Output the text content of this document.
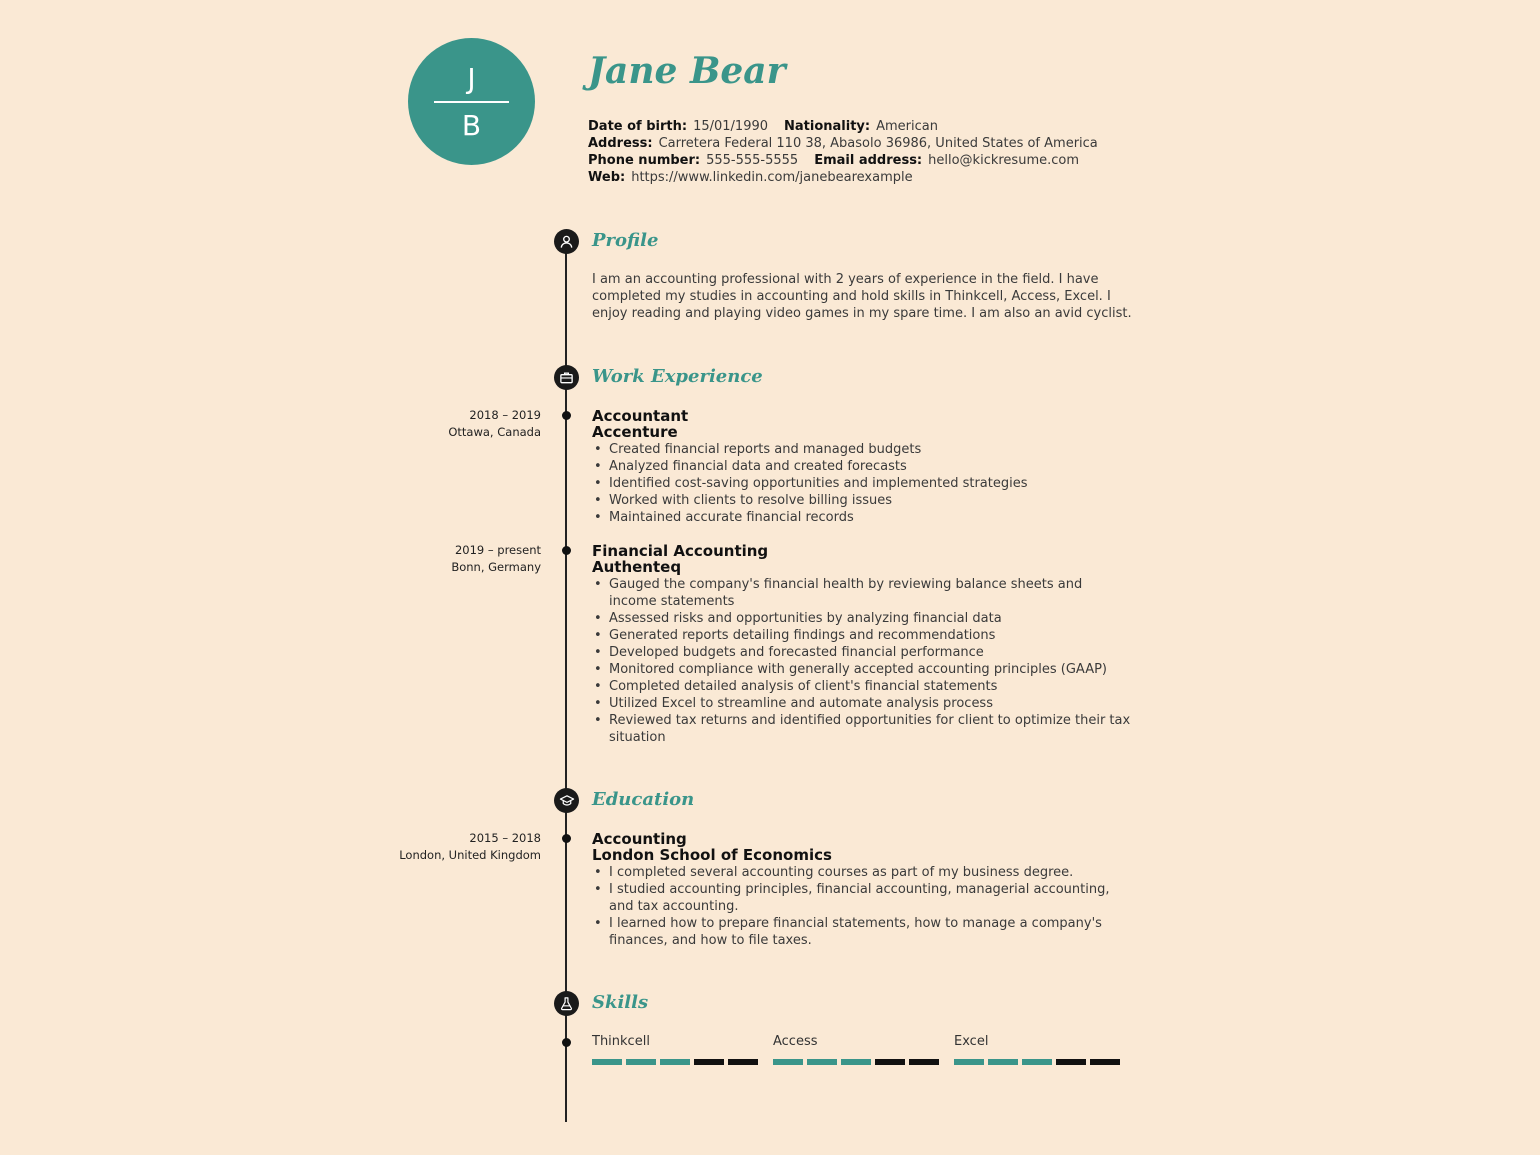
J
B
Jane Bear
Date of birth: 15/01/1990 Nationality: American
Address: Carretera Federal 110 38, Abasolo 36986, United States of America
Phone number: 555-555-5555 Email address: hello@kickresume.com
Web: https://www.linkedin.com/janebearexample
Profile
I am an accounting professional with 2 years of experience in the field. I have completed my studies in accounting and hold skills in Thinkcell, Access, Excel. I enjoy reading and playing video games in my spare time. I am also an avid cyclist.
Work Experience
2018 – 2019
Ottawa, Canada
Accountant
Accenture
• Created financial reports and managed budgets
• Analyzed financial data and created forecasts
• Identified cost-saving opportunities and implemented strategies
• Worked with clients to resolve billing issues
• Maintained accurate financial records
2019 – present
Bonn, Germany
Financial Accounting
Authenteq
• Gauged the company's financial health by reviewing balance sheets and income statements
• Assessed risks and opportunities by analyzing financial data
• Generated reports detailing findings and recommendations
• Developed budgets and forecasted financial performance
• Monitored compliance with generally accepted accounting principles (GAAP)
• Completed detailed analysis of client's financial statements
• Utilized Excel to streamline and automate analysis process
• Reviewed tax returns and identified opportunities for client to optimize their tax situation
Education
2015 – 2018
London, United Kingdom
Accounting
London School of Economics
• I completed several accounting courses as part of my business degree.
• I studied accounting principles, financial accounting, managerial accounting, and tax accounting.
• I learned how to prepare financial statements, how to manage a company's finances, and how to file taxes.
Skills
Thinkcell	Access	Excel
